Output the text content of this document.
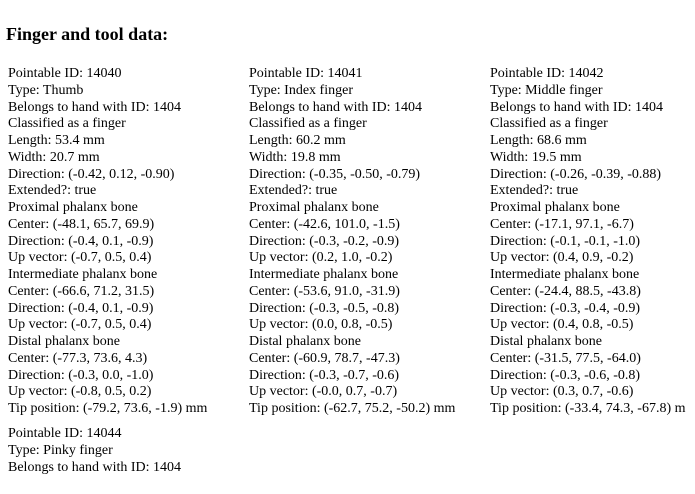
Finger and tool data:
Pointable ID: 14040
Type: Thumb
Belongs to hand with ID: 1404
Classified as a finger
Length: 53.4 mm
Width: 20.7 mm
Direction: (-0.42, 0.12, -0.90)
Extended?: true
Proximal phalanx bone
Center: (-48.1, 65.7, 69.9)
Direction: (-0.4, 0.1, -0.9)
Up vector: (-0.7, 0.5, 0.4)
Intermediate phalanx bone
Center: (-66.6, 71.2, 31.5)
Direction: (-0.4, 0.1, -0.9)
Up vector: (-0.7, 0.5, 0.4)
Distal phalanx bone
Center: (-77.3, 73.6, 4.3)
Direction: (-0.3, 0.0, -1.0)
Up vector: (-0.8, 0.5, 0.2)
Tip position: (-79.2, 73.6, -1.9) mm
Pointable ID: 14041
Type: Index finger
Belongs to hand with ID: 1404
Classified as a finger
Length: 60.2 mm
Width: 19.8 mm
Direction: (-0.35, -0.50, -0.79)
Extended?: true
Proximal phalanx bone
Center: (-42.6, 101.0, -1.5)
Direction: (-0.3, -0.2, -0.9)
Up vector: (0.2, 1.0, -0.2)
Intermediate phalanx bone
Center: (-53.6, 91.0, -31.9)
Direction: (-0.3, -0.5, -0.8)
Up vector: (0.0, 0.8, -0.5)
Distal phalanx bone
Center: (-60.9, 78.7, -47.3)
Direction: (-0.3, -0.7, -0.6)
Up vector: (-0.0, 0.7, -0.7)
Tip position: (-62.7, 75.2, -50.2) mm
Pointable ID: 14042
Type: Middle finger
Belongs to hand with ID: 1404
Classified as a finger
Length: 68.6 mm
Width: 19.5 mm
Direction: (-0.26, -0.39, -0.88)
Extended?: true
Proximal phalanx bone
Center: (-17.1, 97.1, -6.7)
Direction: (-0.1, -0.1, -1.0)
Up vector: (0.4, 0.9, -0.2)
Intermediate phalanx bone
Center: (-24.4, 88.5, -43.8)
Direction: (-0.3, -0.4, -0.9)
Up vector: (0.4, 0.8, -0.5)
Distal phalanx bone
Center: (-31.5, 77.5, -64.0)
Direction: (-0.3, -0.6, -0.8)
Up vector: (0.3, 0.7, -0.6)
Tip position: (-33.4, 74.3, -67.8) m
Pointable ID: 14044
Type: Pinky finger
Belongs to hand with ID: 1404
